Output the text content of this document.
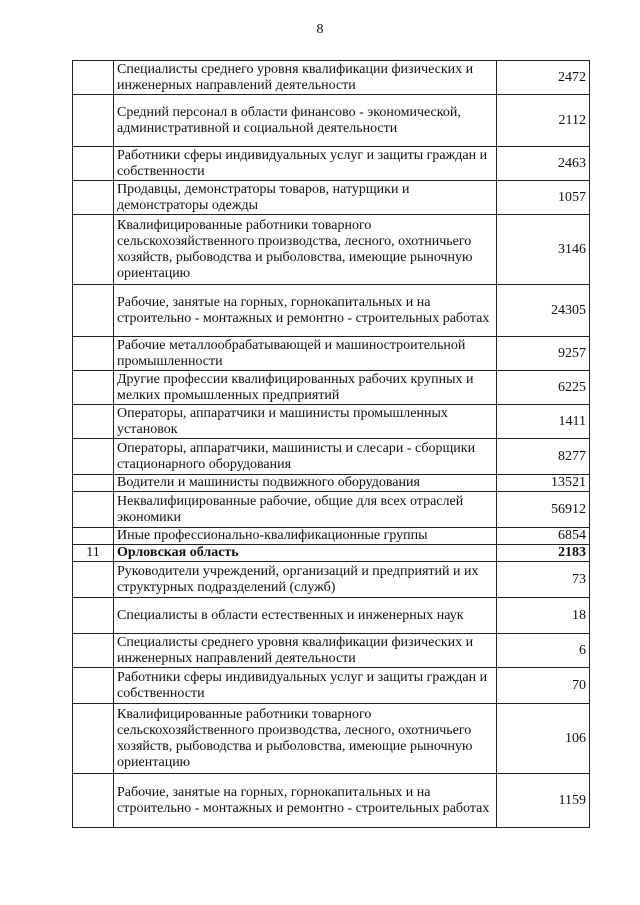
8
	Специалисты среднего уровня квалификации физических и инженерных направлений деятельности	2472
	Средний персонал в области финансово - экономической, административной и социальной деятельности	2112
	Работники сферы индивидуальных услуг и защиты граждан и собственности	2463
	Продавцы, демонстраторы товаров, натурщики и демонстраторы одежды	1057
	Квалифицированные работники товарного сельскохозяйственного производства, лесного, охотничьего хозяйств, рыбоводства и рыболовства, имеющие рыночную ориентацию	3146
	Рабочие, занятые на горных, горнокапитальных и на строительно - монтажных и ремонтно - строительных работах	24305
	Рабочие металлообрабатывающей и машиностроительной промышленности	9257
	Другие профессии квалифицированных рабочих крупных и мелких промышленных предприятий	6225
	Операторы, аппаратчики и машинисты промышленных установок	1411
	Операторы, аппаратчики, машинисты и слесари - сборщики стационарного оборудования	8277
	Водители и машинисты подвижного оборудования	13521
	Неквалифицированные рабочие, общие для всех отраслей экономики	56912
	Иные профессионально-квалификационные группы	6854
11	Орловская область	2183
	Руководители учреждений, организаций и предприятий и их структурных подразделений (служб)	73
	Специалисты в области естественных и инженерных наук	18
	Специалисты среднего уровня квалификации физических и инженерных направлений деятельности	6
	Работники сферы индивидуальных услуг и защиты граждан и собственности	70
	Квалифицированные работники товарного сельскохозяйственного производства, лесного, охотничьего хозяйств, рыбоводства и рыболовства, имеющие рыночную ориентацию	106
	Рабочие, занятые на горных, горнокапитальных и на строительно - монтажных и ремонтно - строительных работах	1159
